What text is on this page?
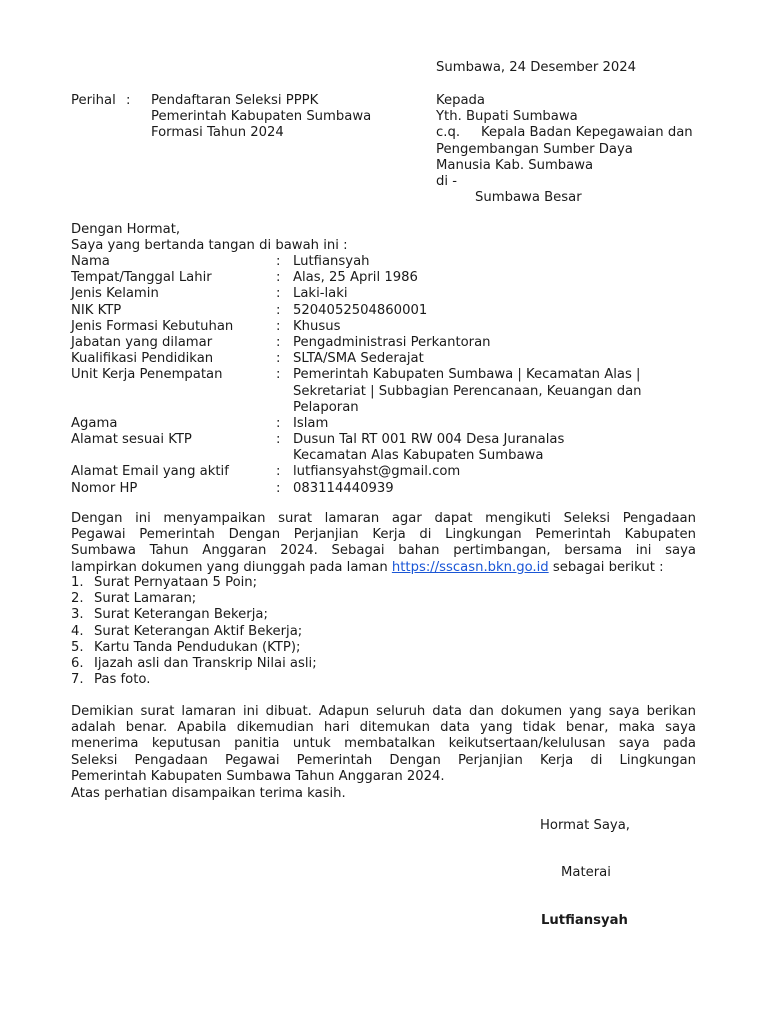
Sumbawa, 24 Desember 2024
Perihal : Pendaftaran Seleksi PPPK
Pemerintah Kabupaten Sumbawa
Formasi Tahun 2024
Kepada
Yth. Bupati Sumbawa
c.q.	Kepala Badan Kepegawaian dan
Pengembangan Sumber Daya
Manusia Kab. Sumbawa
di -
Sumbawa Besar
Dengan Hormat,
Saya yang bertanda tangan di bawah ini :
Nama	: Lutfiansyah
Tempat/Tanggal Lahir	: Alas, 25 April 1986
Jenis Kelamin	: Laki-laki
NIK KTP	: 5204052504860001
Jenis Formasi Kebutuhan	: Khusus
Jabatan yang dilamar	: Pengadministrasi Perkantoran
Kualifikasi Pendidikan	: SLTA/SMA Sederajat
Unit Kerja Penempatan	: Pemerintah Kabupaten Sumbawa | Kecamatan Alas |
Sekretariat | Subbagian Perencanaan, Keuangan dan
Pelaporan
Agama	: Islam
Alamat sesuai KTP	: Dusun Tal RT 001 RW 004 Desa Juranalas
Kecamatan Alas Kabupaten Sumbawa
Alamat Email yang aktif	: lutfiansyahst@gmail.com
Nomor HP	: 083114440939
Dengan ini menyampaikan surat lamaran agar dapat mengikuti Seleksi Pengadaan
Pegawai Pemerintah Dengan Perjanjian Kerja di Lingkungan Pemerintah Kabupaten
Sumbawa Tahun Anggaran 2024. Sebagai bahan pertimbangan, bersama ini saya
lampirkan dokumen yang diunggah pada laman https://sscasn.bkn.go.id sebagai berikut :
1. Surat Pernyataan 5 Poin;
2. Surat Lamaran;
3. Surat Keterangan Bekerja;
4. Surat Keterangan Aktif Bekerja;
5. Kartu Tanda Pendudukan (KTP);
6. Ijazah asli dan Transkrip Nilai asli;
7. Pas foto.
Demikian surat lamaran ini dibuat. Adapun seluruh data dan dokumen yang saya berikan
adalah benar. Apabila dikemudian hari ditemukan data yang tidak benar, maka saya
menerima keputusan panitia untuk membatalkan keikutsertaan/kelulusan saya pada
Seleksi Pengadaan Pegawai Pemerintah Dengan Perjanjian Kerja di Lingkungan
Pemerintah Kabupaten Sumbawa Tahun Anggaran 2024.
Atas perhatian disampaikan terima kasih.
Hormat Saya,
Materai
Lutfiansyah
